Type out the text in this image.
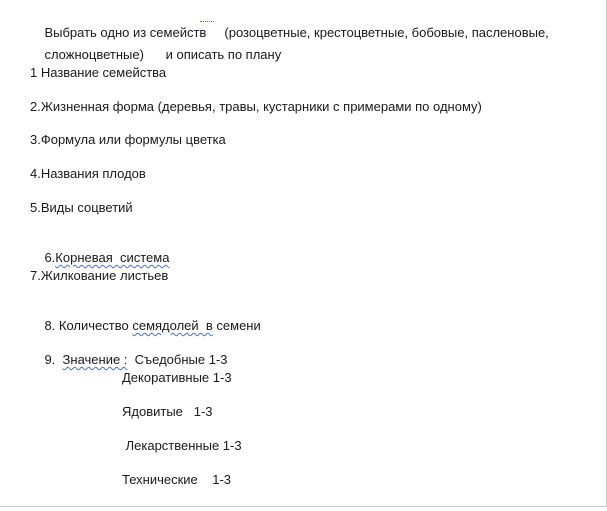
Выбрать одно из семейств (розоцветные, крестоцветные, бобовые, пасленовые,

сложноцветные) и описать по плану

1 Название семейства
2.Жизненная форма (деревья, травы, кустарники с примерами по одному)
3.Формула или формулы цветка
4.Названия плодов
5.Виды соцветий

6.Корневая  система

7.Жилкование листьев

8. Количество семядолей  в семени

9.  Значение :  Съедобные 1-3

Декоративные 1-3
Ядовитые   1-3
Лекарственные 1-3
Технические    1-3
